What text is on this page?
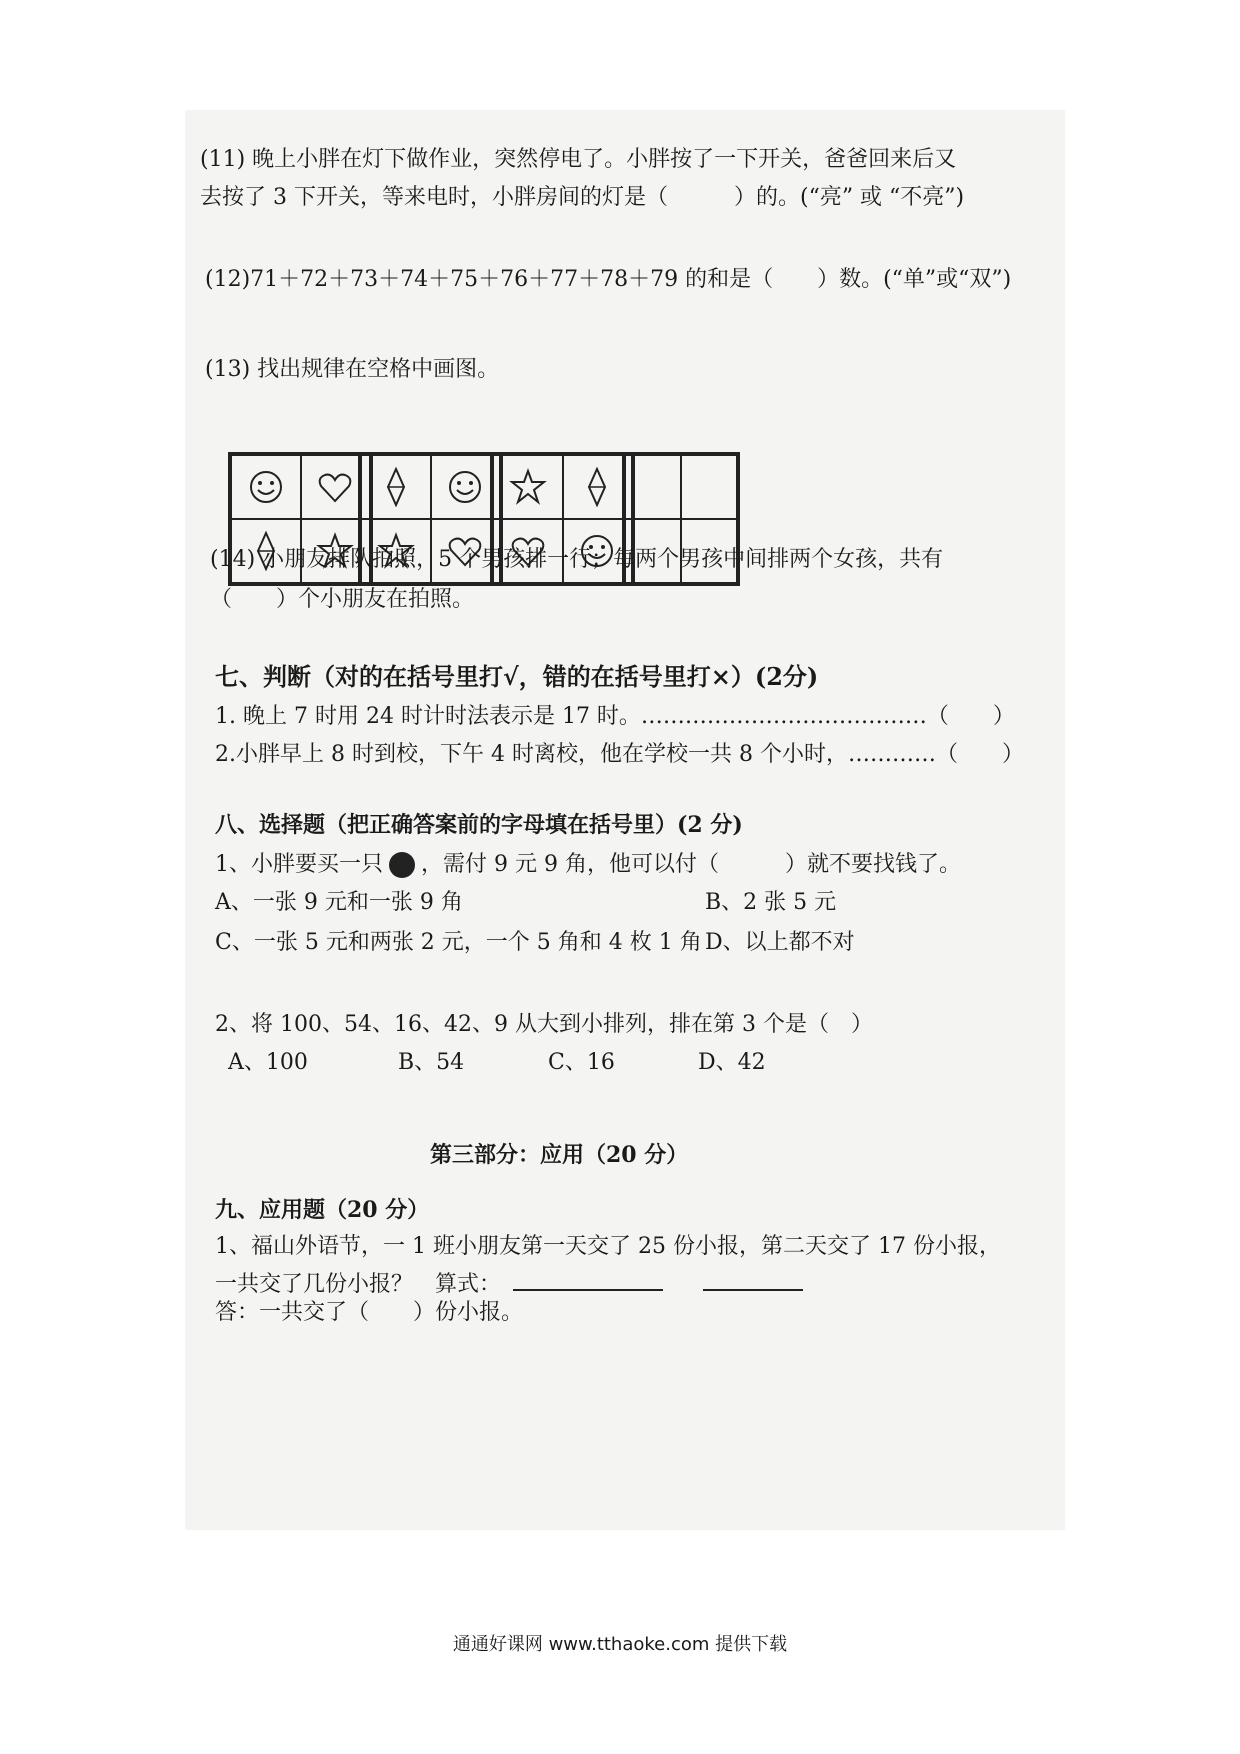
(11) 晚上小胖在灯下做作业，突然停电了。小胖按了一下开关，爸爸回来后又
去按了 3 下开关，等来电时，小胖房间的灯是（　　　）的。(“亮” 或 “不亮”)
(12)71＋72＋73＋74＋75＋76＋77＋78＋79 的和是（　　）数。(“单”或“双”)
(13) 找出规律在空格中画图。
(14) 小朋友排队拍照，5 个男孩排一行；每两个男孩中间排两个女孩，共有
（　　）个小朋友在拍照。
七、判断（对的在括号里打√，错的在括号里打×）(2分)
1. 晚上 7 时用 24 时计时法表示是 17 时。…………………………………（　　）
2.小胖早上 8 时到校，下午 4 时离校，他在学校一共 8 个小时，…………（　　）
八、选择题（把正确答案前的字母填在括号里）(2 分)
1、小胖要买一只 ，需付 9 元 9 角，他可以付（　　　）就不要找钱了。
A、一张 9 元和一张 9 角	B、2 张 5 元
C、一张 5 元和两张 2 元，一个 5 角和 4 枚 1 角 D、以上都不对
2、将 100、54、16、42、9 从大到小排列，排在第 3 个是（　）
A、100	B、54	C、16	D、42
第三部分：应用（20 分）
九、应用题（20 分）
1、福山外语节，一 1 班小朋友第一天交了 25 份小报，第二天交了 17 份小报，
一共交了几份小报？　算式：
答：一共交了（　　）份小报。
通通好课网 www.tthaoke.com 提供下载
